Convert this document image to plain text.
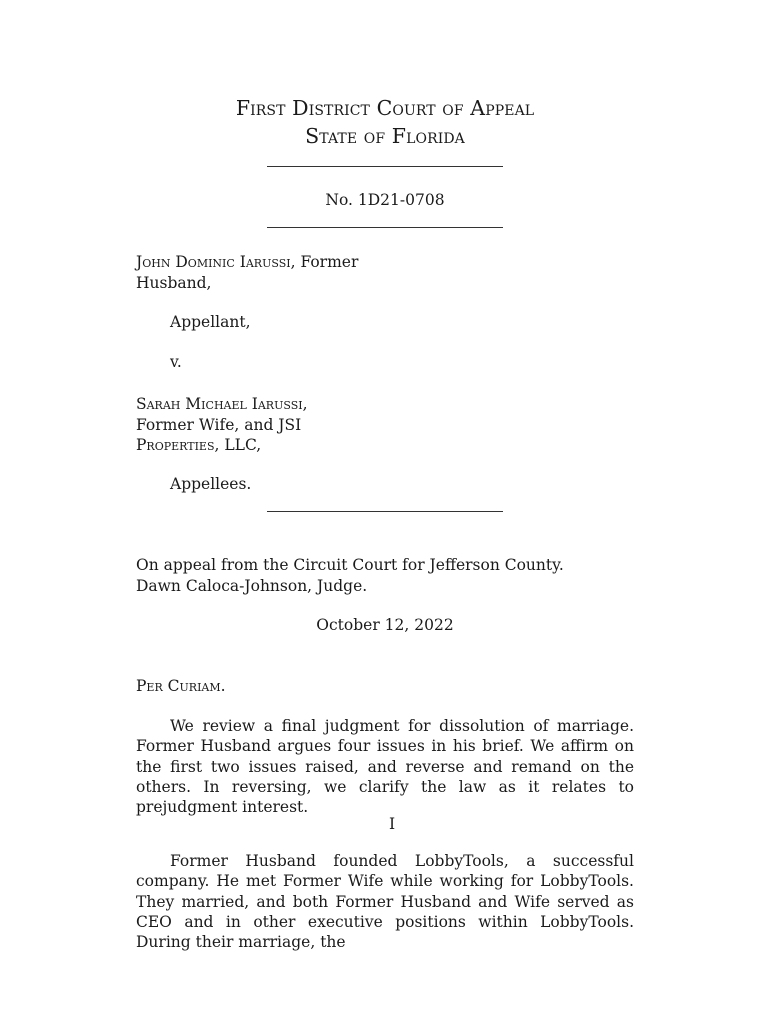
First District Court of Appeal
State of Florida
No. 1D21-0708
John Dominic Iarussi, Former
Husband,
Appellant,
v.
Sarah Michael Iarussi,
Former Wife, and JSI
Properties, LLC,
Appellees.
On appeal from the Circuit Court for Jefferson County.
Dawn Caloca-Johnson, Judge.
October 12, 2022
Per Curiam.

We review a final judgment for dissolution of marriage. Former Husband argues four issues in his brief. We affirm on the first two issues raised, and reverse and remand on the others. In reversing, we clarify the law as it relates to prejudgment interest.

I

Former Husband founded LobbyTools, a successful company. He met Former Wife while working for LobbyTools. They married, and both Former Husband and Wife served as CEO and in other executive positions within LobbyTools. During their marriage, the
